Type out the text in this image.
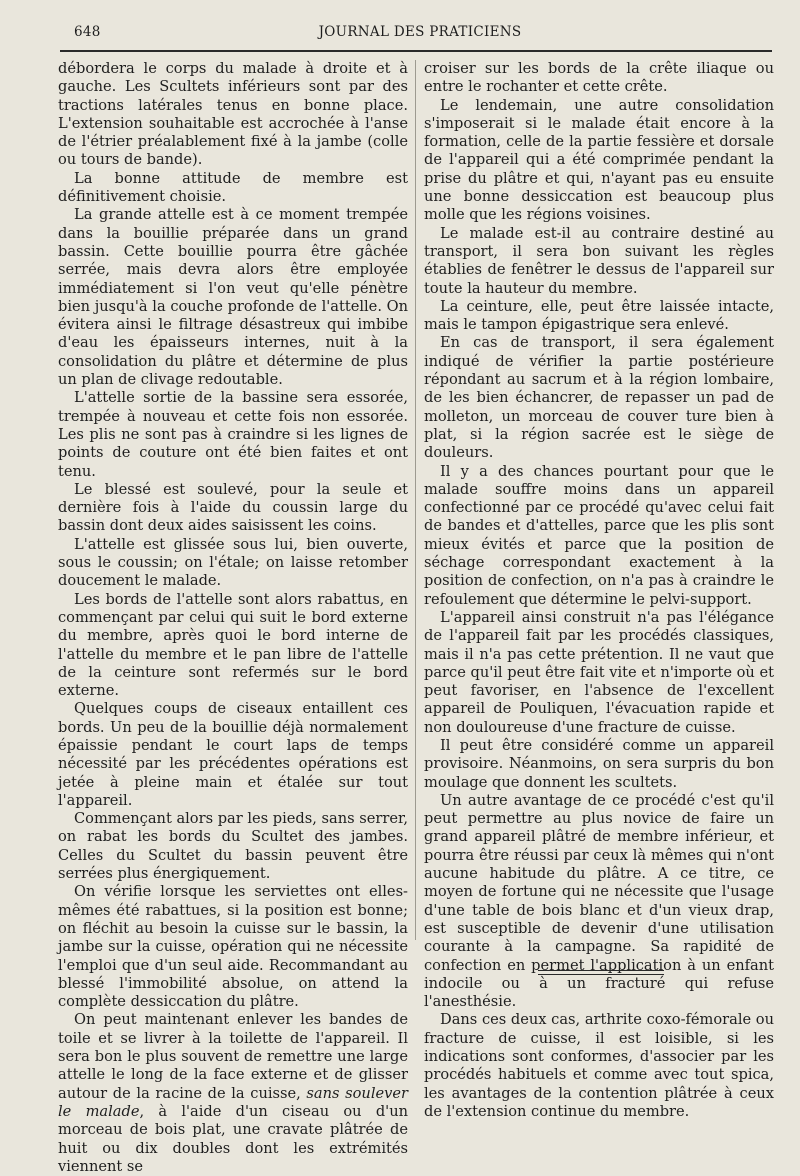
648	JOURNAL DES PRATICIENS

débordera le corps du malade à droite et à gauche. Les Scultets inférieurs sont par des tractions latérales tenus en bonne place. L'extension souhaitable est accrochée à l'anse de l'étrier préalablement fixé à la jambe (colle ou tours de bande).

La bonne attitude de membre est définitivement choisie.

La grande attelle est à ce moment trempée dans la bouillie préparée dans un grand bassin. Cette bouillie pourra être gâchée serrée, mais devra alors être employée immédiatement si l'on veut qu'elle pénètre bien jusqu'à la couche profonde de l'attelle. On évitera ainsi le filtrage désastreux qui imbibe d'eau les épaisseurs internes, nuit à la consolidation du plâtre et détermine de plus un plan de clivage redoutable.

L'attelle sortie de la bassine sera essorée, trempée à nouveau et cette fois non essorée. Les plis ne sont pas à craindre si les lignes de points de couture ont été bien faites et ont tenu.

Le blessé est soulevé, pour la seule et dernière fois à l'aide du coussin large du bassin dont deux aides saisissent les coins.

L'attelle est glissée sous lui, bien ouverte, sous le coussin; on l'étale; on laisse retomber doucement le malade.

Les bords de l'attelle sont alors rabattus, en commençant par celui qui suit le bord externe du membre, après quoi le bord interne de l'attelle du membre et le pan libre de l'attelle de la ceinture sont refermés sur le bord externe.

Quelques coups de ciseaux entaillent ces bords. Un peu de la bouillie déjà normalement épaissie pendant le court laps de temps nécessité par les précédentes opérations est jetée à pleine main et étalée sur tout l'appareil.

Commençant alors par les pieds, sans serrer, on rabat les bords du Scultet des jambes. Celles du Scultet du bassin peuvent être serrées plus énergiquement.

On vérifie lorsque les serviettes ont elles-mêmes été rabattues, si la position est bonne; on fléchit au besoin la cuisse sur le bassin, la jambe sur la cuisse, opération qui ne nécessite l'emploi que d'un seul aide. Recommandant au blessé l'immobilité absolue, on attend la complète dessiccation du plâtre.

On peut maintenant enlever les bandes de toile et se livrer à la toilette de l'appareil. Il sera bon le plus souvent de remettre une large attelle le long de la face externe et de glisser autour de la racine de la cuisse, sans soulever le malade, à l'aide d'un ciseau ou d'un morceau de bois plat, une cravate plâtrée de huit ou dix doubles dont les extrémités viennent se

croiser sur les bords de la crête iliaque ou entre le rochanter et cette crête.

Le lendemain, une autre consolidation s'imposerait si le malade était encore à la formation, celle de la partie fessière et dorsale de l'appareil qui a été comprimée pendant la prise du plâtre et qui, n'ayant pas eu ensuite une bonne dessiccation est beaucoup plus molle que les régions voisines.

Le malade est-il au contraire destiné au transport, il sera bon suivant les règles établies de fenêtrer le dessus de l'appareil sur toute la hauteur du membre.

La ceinture, elle, peut être laissée intacte, mais le tampon épigastrique sera enlevé.

En cas de transport, il sera également indiqué de vérifier la partie postérieure répondant au sacrum et à la région lombaire, de les bien échancrer, de repasser un pad de molleton, un morceau de couver ture bien à plat, si la région sacrée est le siège de douleurs.

Il y a des chances pourtant pour que le malade souffre moins dans un appareil confectionné par ce procédé qu'avec celui fait de bandes et d'attelles, parce que les plis sont mieux évités et parce que la position de séchage correspondant exactement à la position de confection, on n'a pas à craindre le refoulement que détermine le pelvi-support.

L'appareil ainsi construit n'a pas l'élégance de l'appareil fait par les procédés classiques, mais il n'a pas cette prétention. Il ne vaut que parce qu'il peut être fait vite et n'importe où et peut favoriser, en l'absence de l'excellent appareil de Pouliquen, l'évacuation rapide et non douloureuse d'une fracture de cuisse.

Il peut être considéré comme un appareil provisoire. Néanmoins, on sera surpris du bon moulage que donnent les scultets.

Un autre avantage de ce procédé c'est qu'il peut permettre au plus novice de faire un grand appareil plâtré de membre inférieur, et pourra être réussi par ceux là mêmes qui n'ont aucune habitude du plâtre. A ce titre, ce moyen de fortune qui ne nécessite que l'usage d'une table de bois blanc et d'un vieux drap, est susceptible de devenir d'une utilisation courante à la campagne. Sa rapidité de confection en permet l'application à un enfant indocile ou à un fracturé qui refuse l'anesthésie.

Dans ces deux cas, arthrite coxo-fémorale ou fracture de cuisse, il est loisible, si les indications sont conformes, d'associer par les procédés habituels et comme avec tout spica, les avantages de la contention plâtrée à ceux de l'extension continue du membre.
